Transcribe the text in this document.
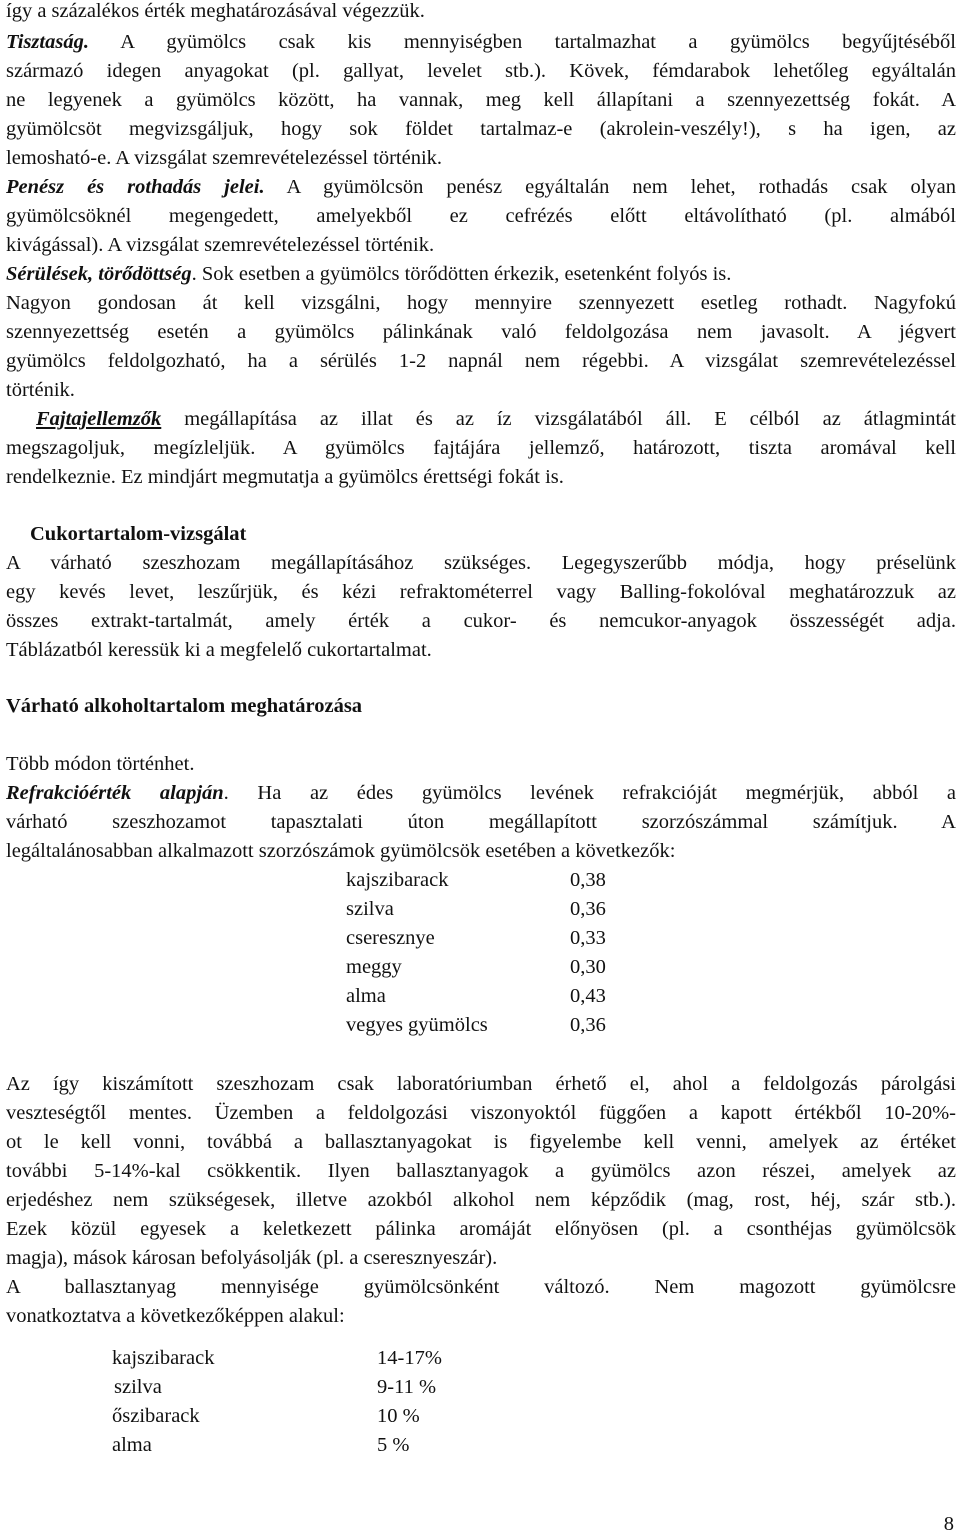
így a százalékos érték meghatározásával végezzük.
Tisztaság. A gyümölcs csak kis mennyiségben tartalmazhat a gyümölcs begyűjtéséből
származó idegen anyagokat (pl. gallyat, levelet stb.). Kövek, fémdarabok lehetőleg egyáltalán
ne legyenek a gyümölcs között, ha vannak, meg kell állapítani a szennyezettség fokát. A
gyümölcsöt megvizsgáljuk, hogy sok földet tartalmaz-e (akrolein-veszély!), s ha igen, az
lemosható-e. A vizsgálat szemrevételezéssel történik.
Penész és rothadás jelei. A gyümölcsön penész egyáltalán nem lehet, rothadás csak olyan
gyümölcsöknél megengedett, amelyekből ez cefrézés előtt eltávolítható (pl. almából
kivágással). A vizsgálat szemrevételezéssel történik.
Sérülések, törődöttség. Sok esetben a gyümölcs törődötten érkezik, esetenként folyós is.
Nagyon gondosan át kell vizsgálni, hogy mennyire szennyezett esetleg rothadt. Nagyfokú
szennyezettség esetén a gyümölcs pálinkának való feldolgozása nem javasolt. A jégvert
gyümölcs feldolgozható, ha a sérülés 1-2 napnál nem régebbi. A vizsgálat szemrevételezéssel
történik.
Fajtajellemzők megállapítása az illat és az íz vizsgálatából áll. E célból az átlagmintát
megszagoljuk, megízleljük. A gyümölcs fajtájára jellemző, határozott, tiszta aromával kell
rendelkeznie. Ez mindjárt megmutatja a gyümölcs érettségi fokát is.
Cukortartalom-vizsgálat
A várható szeszhozam megállapításához szükséges. Legegyszerűbb módja, hogy préselünk
egy kevés levet, leszűrjük, és kézi refraktométerrel vagy Balling-fokolóval meghatározzuk az
összes extrakt-tartalmát, amely érték a cukor- és nemcukor-anyagok összességét adja.
Táblázatból keressük ki a megfelelő cukortartalmat.
Várható alkoholtartalom meghatározása
Több módon történhet.
Refrakcióérték alapján. Ha az édes gyümölcs levének refrakcióját megmérjük, abból a
várható szeszhozamot tapasztalati úton megállapított szorzószámmal számítjuk. A
legáltalánosabban alkalmazott szorzószámok gyümölcsök esetében a következők:
kajszibarack	0,38
szilva	0,36
cseresznye	0,33
meggy	0,30
alma	0,43
vegyes gyümölcs	0,36
Az így kiszámított szeszhozam csak laboratóriumban érhető el, ahol a feldolgozás párolgási
veszteségtől mentes. Üzemben a feldolgozási viszonyoktól függően a kapott értékből 10-20%-
ot le kell vonni, továbbá a ballasztanyagokat is figyelembe kell venni, amelyek az értéket
további 5-14%-kal csökkentik. Ilyen ballasztanyagok a gyümölcs azon részei, amelyek az
erjedéshez nem szükségesek, illetve azokból alkohol nem képződik (mag, rost, héj, szár stb.).
Ezek közül egyesek a keletkezett pálinka aromáját előnyösen (pl. a csonthéjas gyümölcsök
magja), mások károsan befolyásolják (pl. a cseresznyeszár).
A ballasztanyag mennyisége gyümölcsönként változó. Nem magozott gyümölcsre
vonatkoztatva a következőképpen alakul:
kajszibarack	14-17%
szilva	9-11 %
őszibarack	10 %
alma	5 %
8
